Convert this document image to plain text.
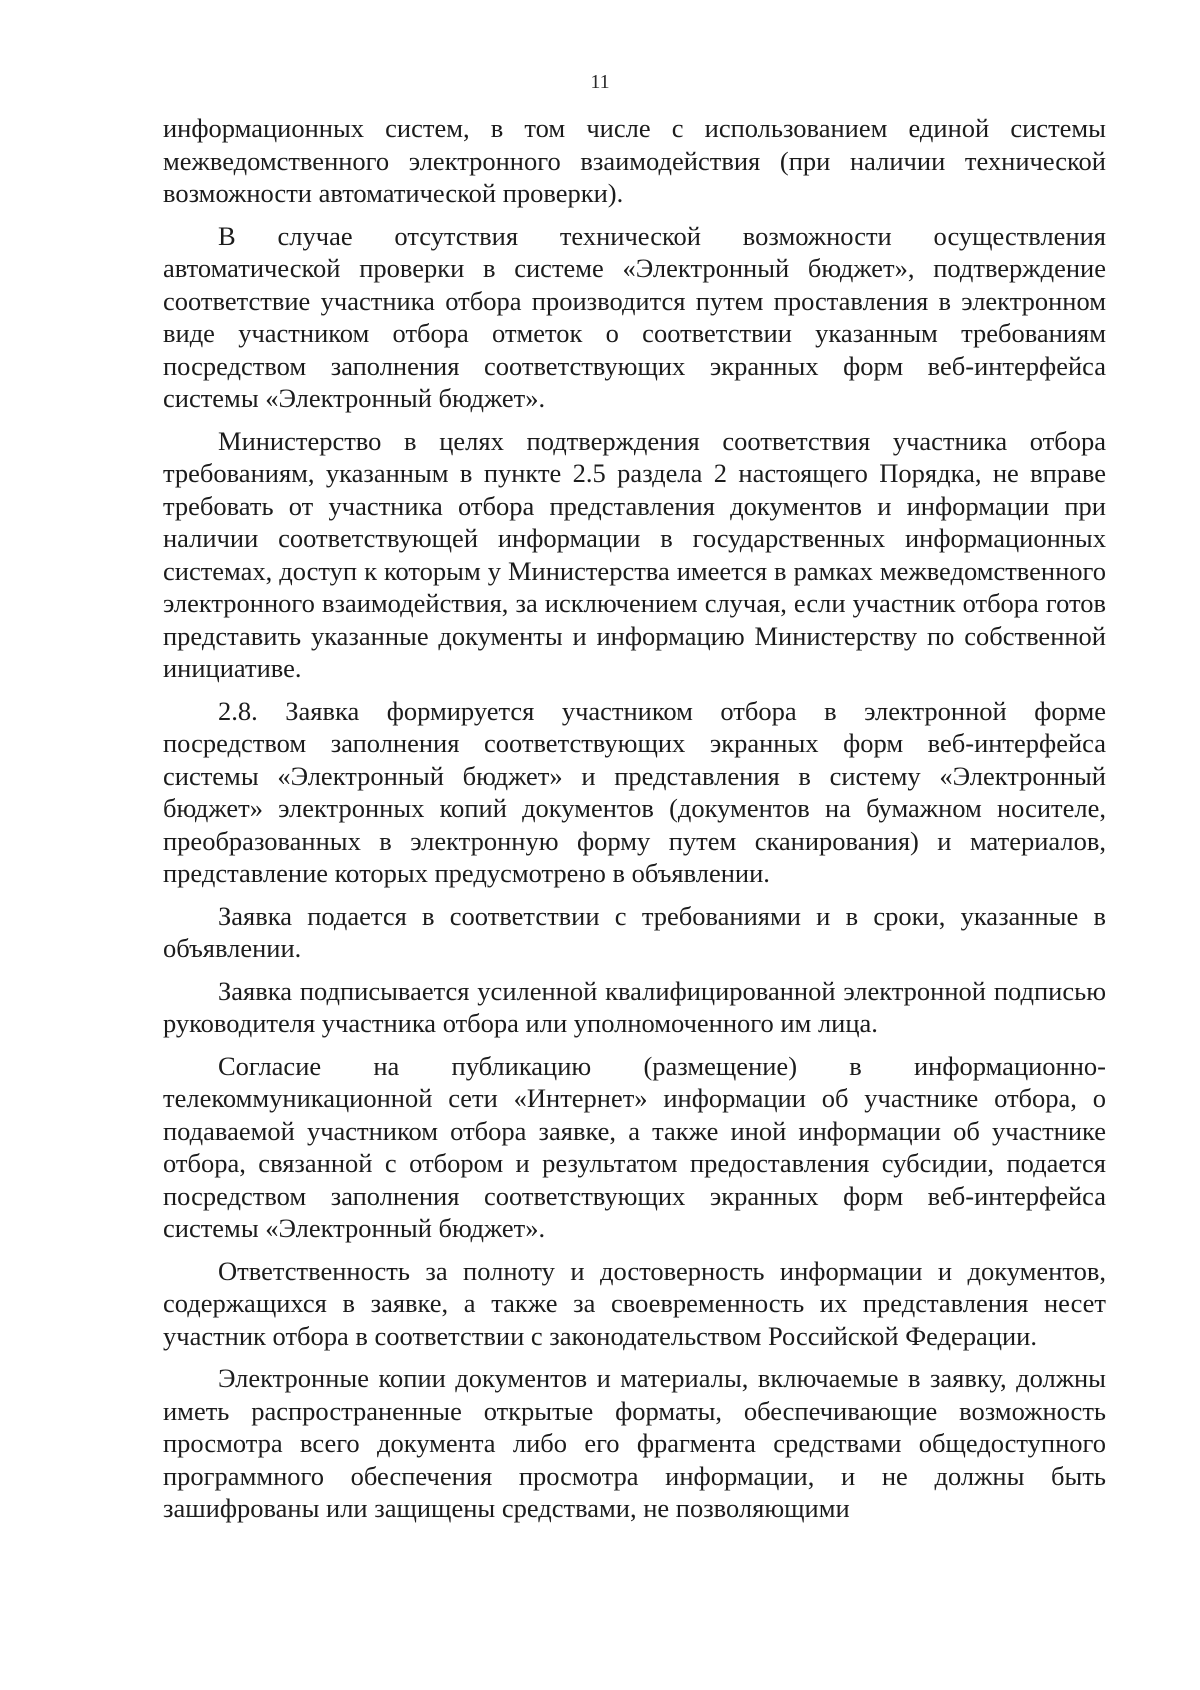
11

информационных систем, в том числе с использованием единой системы межведомственного электронного взаимодействия (при наличии технической возможности автоматической проверки).

В случае отсутствия технической возможности осуществления автоматической проверки в системе «Электронный бюджет», подтверждение соответствие участника отбора производится путем проставления в электронном виде участником отбора отметок о соответствии указанным требованиям посредством заполнения соответствующих экранных форм веб-интерфейса системы «Электронный бюджет».

Министерство в целях подтверждения соответствия участника отбора требованиям, указанным в пункте 2.5 раздела 2 настоящего Порядка, не вправе требовать от участника отбора представления документов и информации при наличии соответствующей информации в государственных информационных системах, доступ к которым у Министерства имеется в рамках межведомственного электронного взаимодействия, за исключением случая, если участник отбора готов представить указанные документы и информацию Министерству по собственной инициативе.

2.8. Заявка формируется участником отбора в электронной форме посредством заполнения соответствующих экранных форм веб-интерфейса системы «Электронный бюджет» и представления в систему «Электронный бюджет» электронных копий документов (документов на бумажном носителе, преобразованных в электронную форму путем сканирования) и материалов, представление которых предусмотрено в объявлении.

Заявка подается в соответствии с требованиями и в сроки, указанные в объявлении.

Заявка подписывается усиленной квалифицированной электронной подписью руководителя участника отбора или уполномоченного им лица.

Согласие на публикацию (размещение) в информационно-телекоммуникационной сети «Интернет» информации об участнике отбора, о подаваемой участником отбора заявке, а также иной информации об участнике отбора, связанной с отбором и результатом предоставления субсидии, подается посредством заполнения соответствующих экранных форм веб-интерфейса системы «Электронный бюджет».

Ответственность за полноту и достоверность информации и документов, содержащихся в заявке, а также за своевременность их представления несет участник отбора в соответствии с законодательством Российской Федерации.

Электронные копии документов и материалы, включаемые в заявку, должны иметь распространенные открытые форматы, обеспечивающие возможность просмотра всего документа либо его фрагмента средствами общедоступного программного обеспечения просмотра информации, и не должны быть зашифрованы или защищены средствами, не позволяющими
